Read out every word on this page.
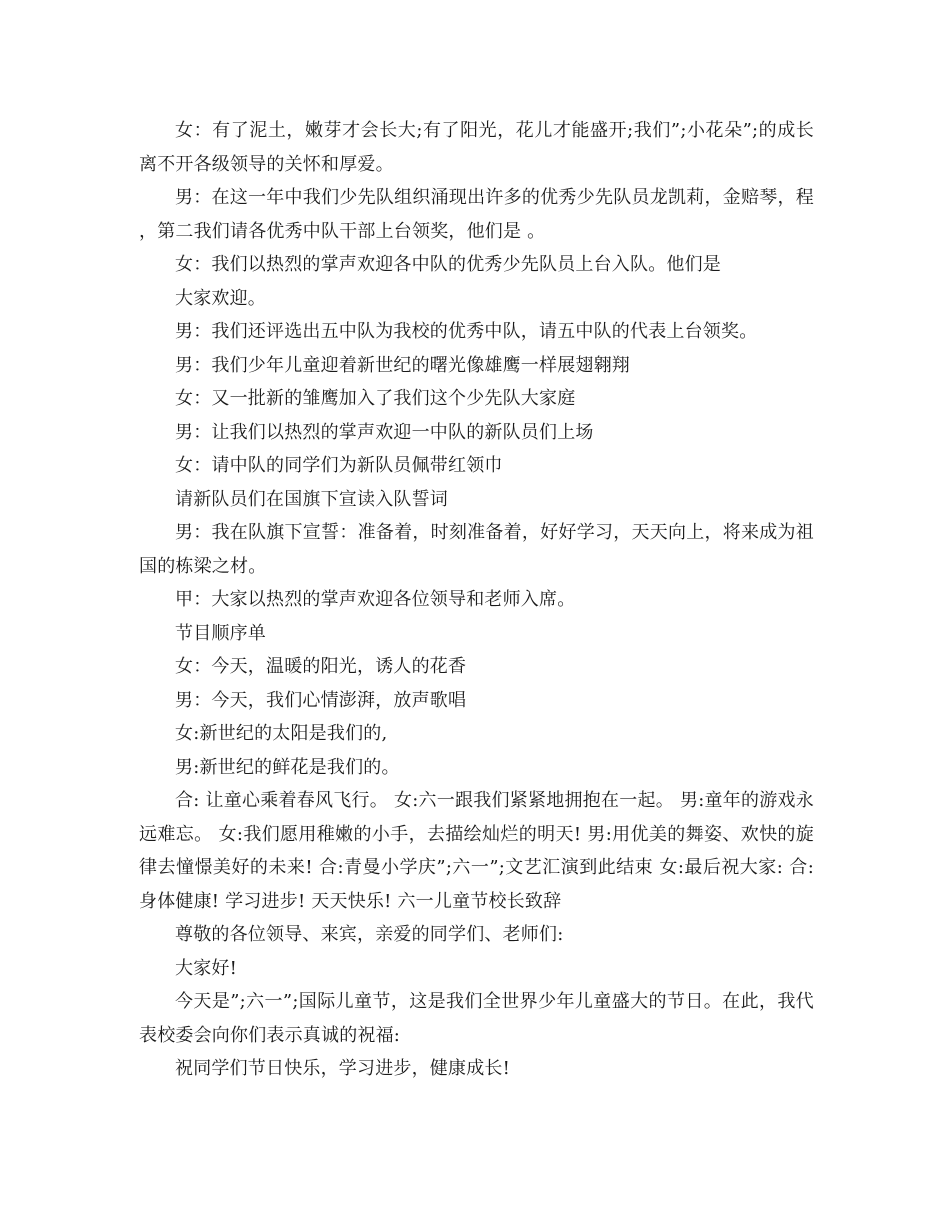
女：有了泥土，嫩芽才会长大;有了阳光，花儿才能盛开;我们”;小花朵”;的成长离不开各级领导的关怀和厚爱。

男：在这一年中我们少先队组织涌现出许多的优秀少先队员龙凯莉，金赔琴，程 ，第二我们请各优秀中队干部上台领奖，他们是 。

女：我们以热烈的掌声欢迎各中队的优秀少先队员上台入队。他们是

大家欢迎。

男：我们还评选出五中队为我校的优秀中队，请五中队的代表上台领奖。

男：我们少年儿童迎着新世纪的曙光像雄鹰一样展翅翱翔

女：又一批新的雏鹰加入了我们这个少先队大家庭

男：让我们以热烈的掌声欢迎一中队的新队员们上场

女：请中队的同学们为新队员佩带红领巾

请新队员们在国旗下宣读入队誓词

男：我在队旗下宣誓：准备着，时刻准备着，好好学习，天天向上，将来成为祖国的栋梁之材。

甲：大家以热烈的掌声欢迎各位领导和老师入席。

节目顺序单

女：今天，温暖的阳光，诱人的花香

男：今天，我们心情澎湃，放声歌唱

女:新世纪的太阳是我们的,

男:新世纪的鲜花是我们的。

合: 让童心乘着春风飞行。 女:六一跟我们紧紧地拥抱在一起。 男:童年的游戏永远难忘。 女:我们愿用稚嫩的小手，去描绘灿烂的明天! 男:用优美的舞姿、欢快的旋律去憧憬美好的未来! 合:青曼小学庆”;六一”;文艺汇演到此结束 女:最后祝大家: 合:身体健康! 学习进步! 天天快乐! 六一儿童节校长致辞

尊敬的各位领导、来宾，亲爱的同学们、老师们:

大家好!

今天是”;六一”;国际儿童节，这是我们全世界少年儿童盛大的节日。在此，我代表校委会向你们表示真诚的祝福:

祝同学们节日快乐，学习进步，健康成长!
